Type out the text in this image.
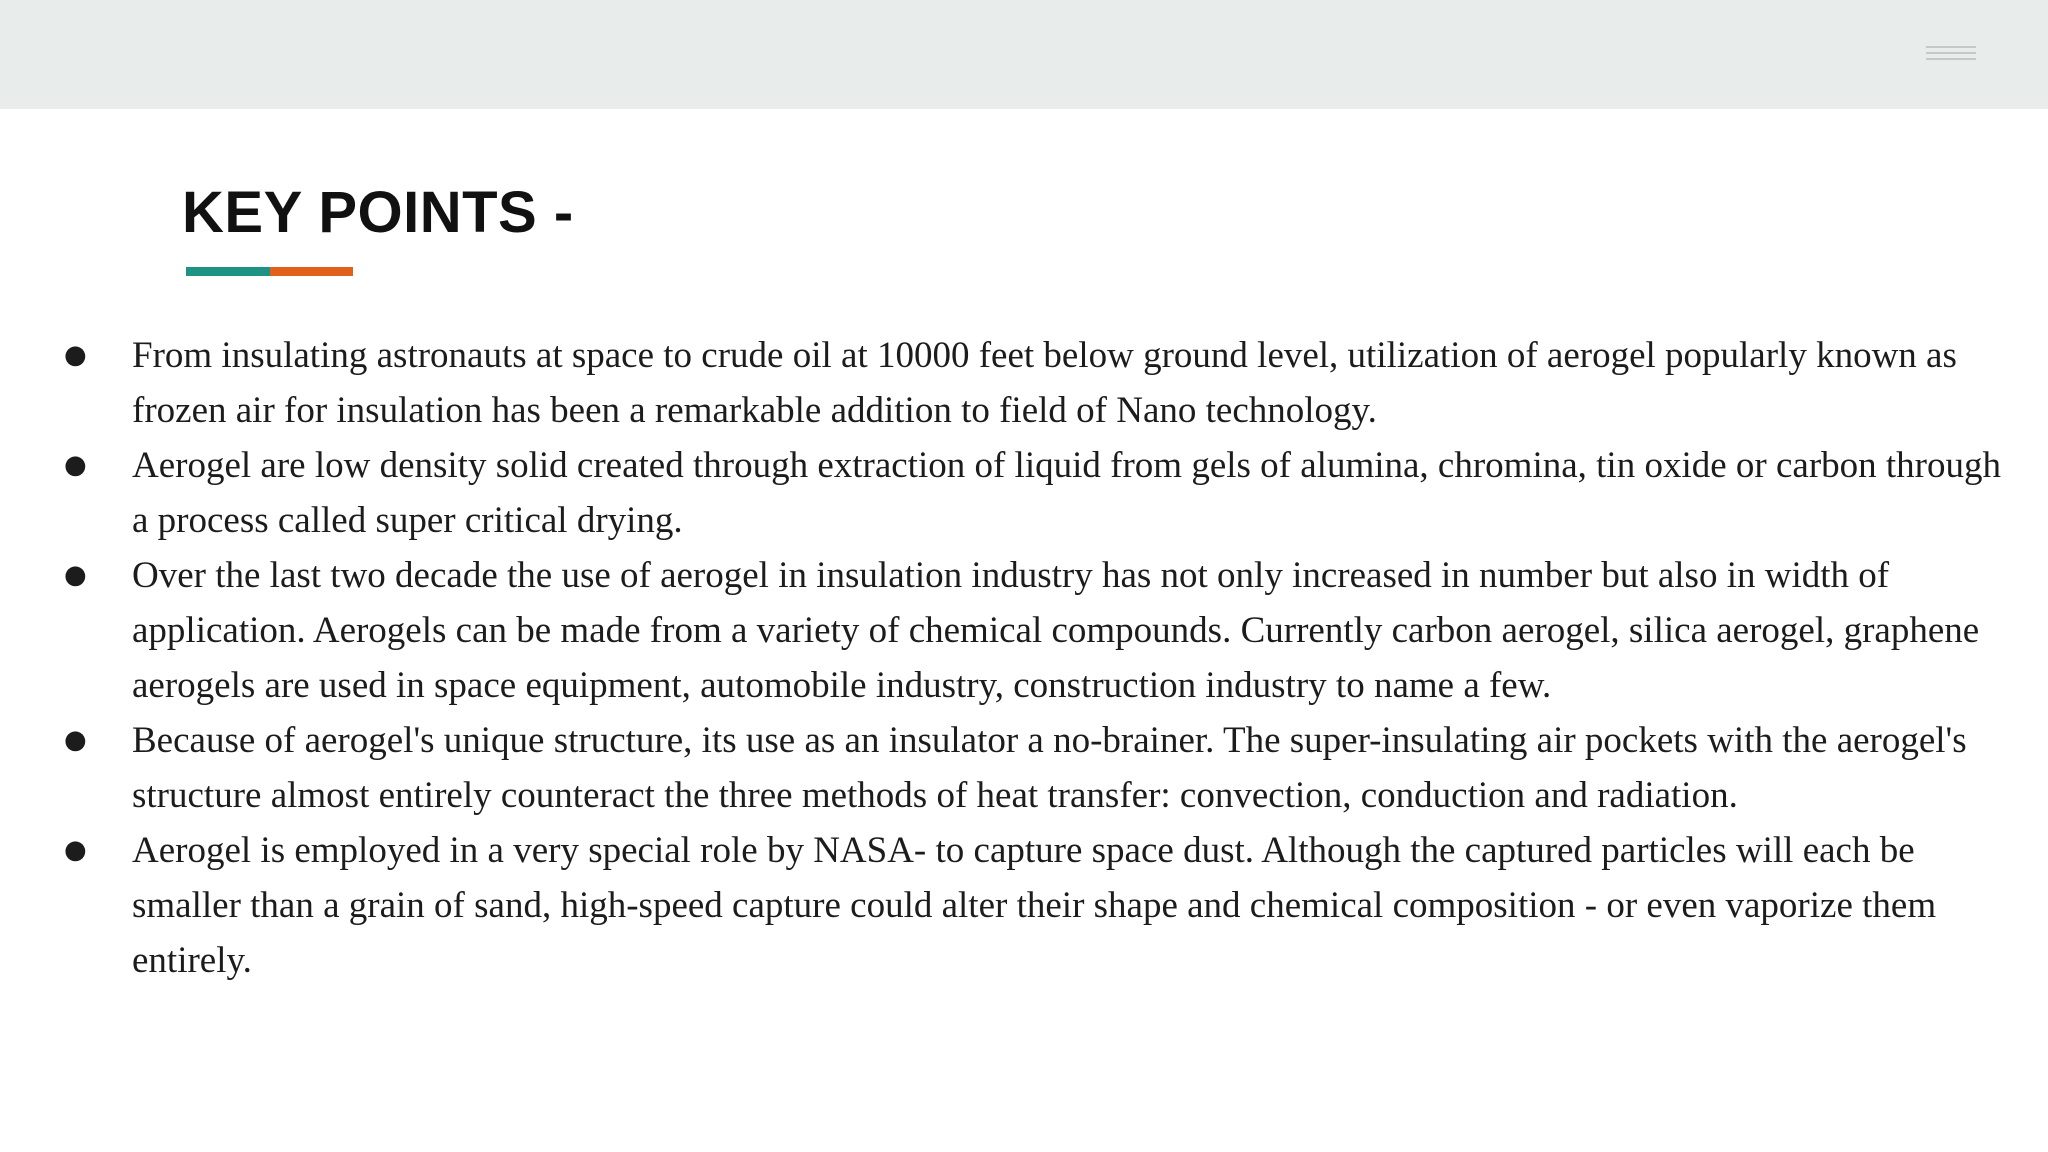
KEY POINTS -
● From insulating astronauts at space to crude oil at 10000 feet below ground level, utilization of aerogel popularly known as frozen air for insulation has been a remarkable addition to field of Nano technology.
● Aerogel are low density solid created through extraction of liquid from gels of alumina, chromina, tin oxide or carbon through a process called super critical drying.
● Over the last two decade the use of aerogel in insulation industry has not only increased in number but also in width of application. Aerogels can be made from a variety of chemical compounds. Currently carbon aerogel, silica aerogel, graphene aerogels are used in space equipment, automobile industry, construction industry to name a few.
● Because of aerogel's unique structure, its use as an insulator a no-brainer. The super-insulating air pockets with the aerogel's structure almost entirely counteract the three methods of heat transfer: convection, conduction and radiation.
● Aerogel is employed in a very special role by NASA- to capture space dust. Although the captured particles will each be smaller than a grain of sand, high-speed capture could alter their shape and chemical composition - or even vaporize them entirely.
